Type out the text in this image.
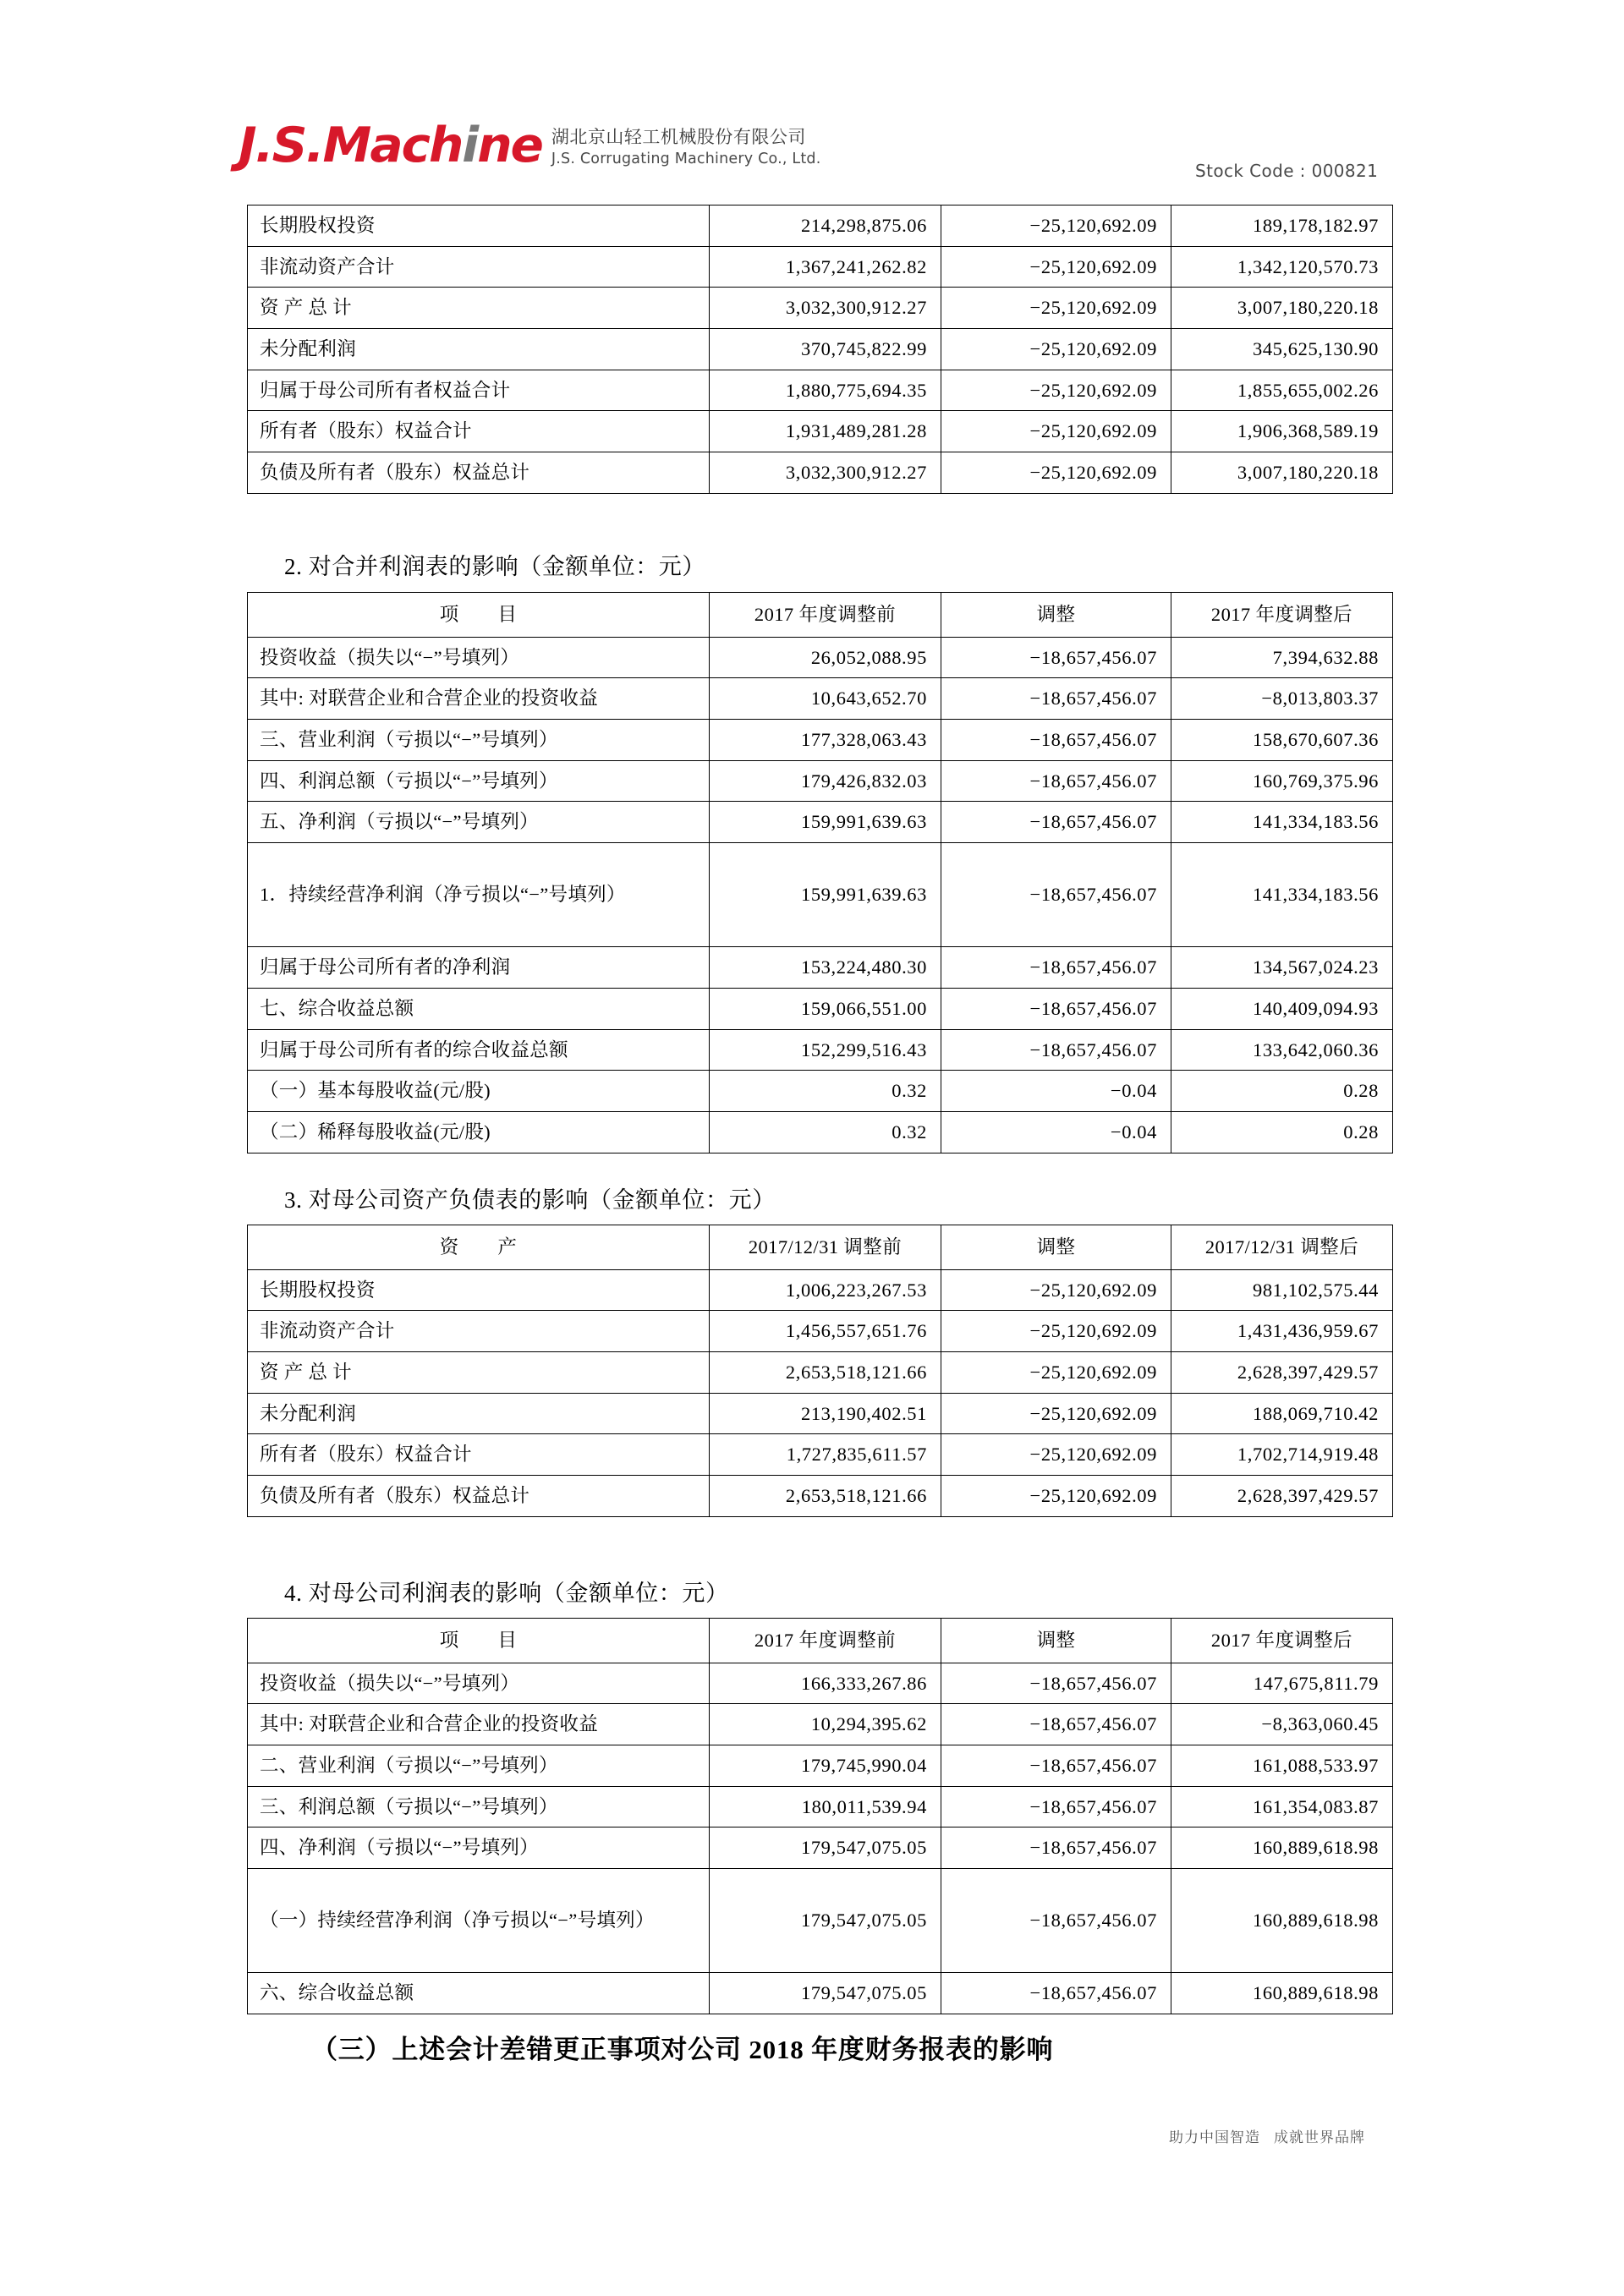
J.S.Machine 湖北京山轻工机械股份有限公司
J.S. Corrugating Machinery Co., Ltd.
Stock Code : 000821
长期股权投资	214,298,875.06	−25,120,692.09	189,178,182.97
非流动资产合计	1,367,241,262.82	−25,120,692.09	1,342,120,570.73
资 产 总 计	3,032,300,912.27	−25,120,692.09	3,007,180,220.18
未分配利润	370,745,822.99	−25,120,692.09	345,625,130.90
归属于母公司所有者权益合计	1,880,775,694.35	−25,120,692.09	1,855,655,002.26
所有者（股东）权益合计	1,931,489,281.28	−25,120,692.09	1,906,368,589.19
负债及所有者（股东）权益总计	3,032,300,912.27	−25,120,692.09	3,007,180,220.18
2. 对合并利润表的影响（金额单位：元）
项　　目	2017 年度调整前	调整	2017 年度调整后
投资收益（损失以“−”号填列）	26,052,088.95	−18,657,456.07	7,394,632.88
其中: 对联营企业和合营企业的投资收益	10,643,652.70	−18,657,456.07	−8,013,803.37
三、营业利润（亏损以“−”号填列）	177,328,063.43	−18,657,456.07	158,670,607.36
四、利润总额（亏损以“−”号填列）	179,426,832.03	−18,657,456.07	160,769,375.96
五、净利润（亏损以“−”号填列）	159,991,639.63	−18,657,456.07	141,334,183.56
1．持续经营净利润（净亏损以“−”号填列）	159,991,639.63	−18,657,456.07	141,334,183.56
归属于母公司所有者的净利润	153,224,480.30	−18,657,456.07	134,567,024.23
七、综合收益总额	159,066,551.00	−18,657,456.07	140,409,094.93
归属于母公司所有者的综合收益总额	152,299,516.43	−18,657,456.07	133,642,060.36
（一）基本每股收益(元/股)	0.32	−0.04	0.28
（二）稀释每股收益(元/股)	0.32	−0.04	0.28
3. 对母公司资产负债表的影响（金额单位：元）
资　　产	2017/12/31 调整前	调整	2017/12/31 调整后
长期股权投资	1,006,223,267.53	−25,120,692.09	981,102,575.44
非流动资产合计	1,456,557,651.76	−25,120,692.09	1,431,436,959.67
资 产 总 计	2,653,518,121.66	−25,120,692.09	2,628,397,429.57
未分配利润	213,190,402.51	−25,120,692.09	188,069,710.42
所有者（股东）权益合计	1,727,835,611.57	−25,120,692.09	1,702,714,919.48
负债及所有者（股东）权益总计	2,653,518,121.66	−25,120,692.09	2,628,397,429.57
4. 对母公司利润表的影响（金额单位：元）
项　　目	2017 年度调整前	调整	2017 年度调整后
投资收益（损失以“−”号填列）	166,333,267.86	−18,657,456.07	147,675,811.79
其中: 对联营企业和合营企业的投资收益	10,294,395.62	−18,657,456.07	−8,363,060.45
二、营业利润（亏损以“−”号填列）	179,745,990.04	−18,657,456.07	161,088,533.97
三、利润总额（亏损以“−”号填列）	180,011,539.94	−18,657,456.07	161,354,083.87
四、净利润（亏损以“−”号填列）	179,547,075.05	−18,657,456.07	160,889,618.98
（一）持续经营净利润（净亏损以“−”号填列）	179,547,075.05	−18,657,456.07	160,889,618.98
六、综合收益总额	179,547,075.05	−18,657,456.07	160,889,618.98
（三）上述会计差错更正事项对公司 2018 年度财务报表的影响
助力中国智造 成就世界品牌
